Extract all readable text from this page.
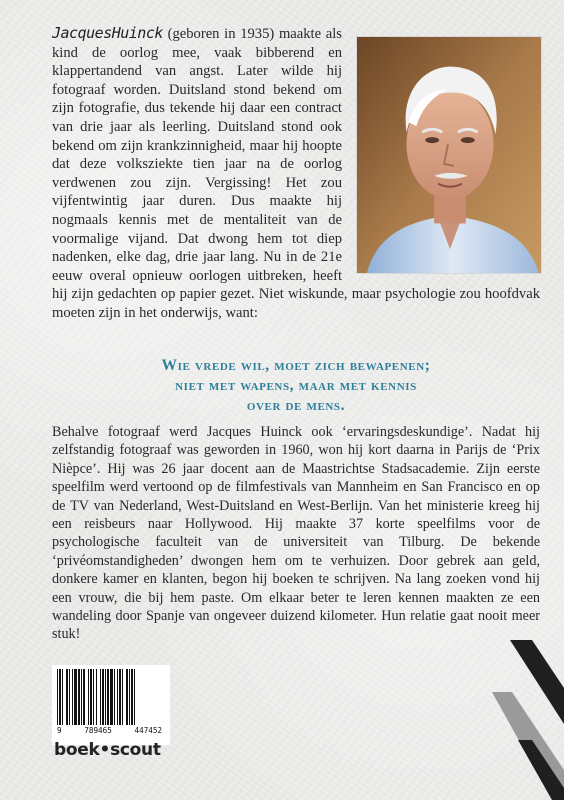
JacquesHuinck (geboren in 1935) maakte als kind de oorlog mee, vaak bibberend en klappertandend van angst. Later wilde hij fotograaf worden. Duitsland stond bekend om zijn fotografie, dus tekende hij daar een contract van drie jaar als leerling. Duitsland stond ook bekend om zijn krankzinnigheid, maar hij hoopte dat deze volksziekte tien jaar na de oorlog verdwenen zou zijn. Vergissing! Het zou vijfentwintig jaar duren. Dus maakte hij nogmaals kennis met de mentaliteit van de voormalige vijand. Dat dwong hem tot diep nadenken, elke dag, drie jaar lang. Nu in de 21e eeuw overal opnieuw oorlogen uitbreken, heeft hij zijn gedachten op papier gezet. Niet wiskunde, maar psychologie zou hoofdvak moeten zijn in het onderwijs, want:

Wie vrede wil, moet zich bewapenen;
niet met wapens, maar met kennis
over de mens.

Behalve fotograaf werd Jacques Huinck ook ‘ervaringsdeskundige’. Nadat hij zelfstandig fotograaf was geworden in 1960, won hij kort daarna in Parijs de ‘Prix Nièpce’. Hij was 26 jaar docent aan de Maastrichtse Stadsacademie. Zijn eerste speelfilm werd vertoond op de filmfestivals van Mannheim en San Francisco en op de TV van Nederland, West-Duitsland en West-Berlijn. Van het ministerie kreeg hij een reisbeurs naar Hollywood. Hij maakte 37 korte speelfilms voor de psychologische faculteit van de universiteit van Tilburg. De bekende ‘privéomstandigheden’ dwongen hem om te verhuizen. Door gebrek aan geld, donkere kamer en klanten, begon hij boeken te schrijven. Na lang zoeken vond hij een vrouw, die bij hem paste. Om elkaar beter te leren kennen maakten ze een wandeling door Spanje van ongeveer duizend kilometer. Hun relatie gaat nooit meer stuk!

9	789465	447452

boek•scout
